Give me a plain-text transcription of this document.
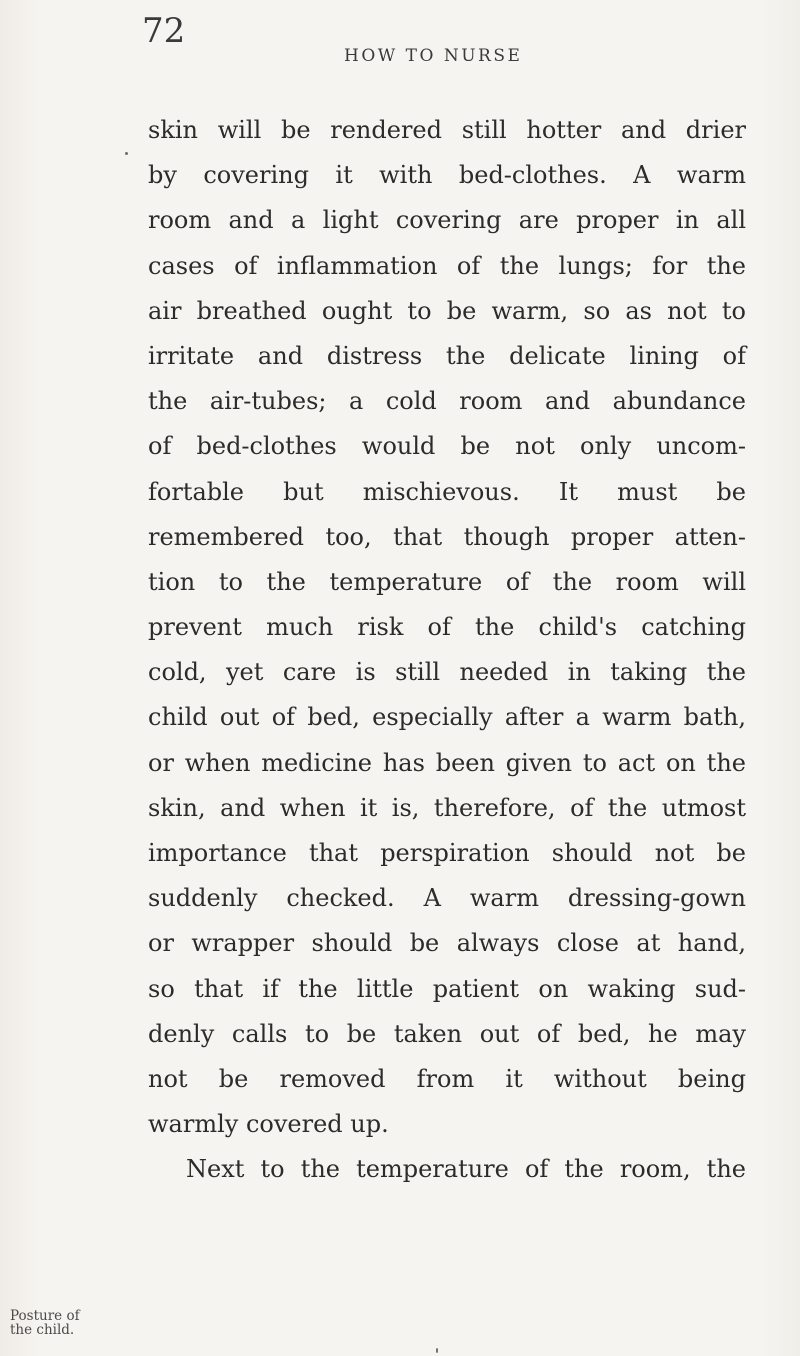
72
HOW TO NURSE
skin will be rendered still hotter and drier
by covering it with bed-clothes. A warm
room and a light covering are proper in all
cases of inflammation of the lungs; for the
air breathed ought to be warm, so as not to
irritate and distress the delicate lining of
the air-tubes; a cold room and abundance
of bed-clothes would be not only uncom-
fortable but mischievous. It must be
remembered too, that though proper atten-
tion to the temperature of the room will
prevent much risk of the child's catching
cold, yet care is still needed in taking the
child out of bed, especially after a warm bath,
or when medicine has been given to act on the
skin, and when it is, therefore, of the utmost
importance that perspiration should not be
suddenly checked. A warm dressing-gown
or wrapper should be always close at hand,
so that if the little patient on waking sud-
denly calls to be taken out of bed, he may
not be removed from it without being
warmly covered up.
Next to the temperature of the room, the
Posture of
the child.
